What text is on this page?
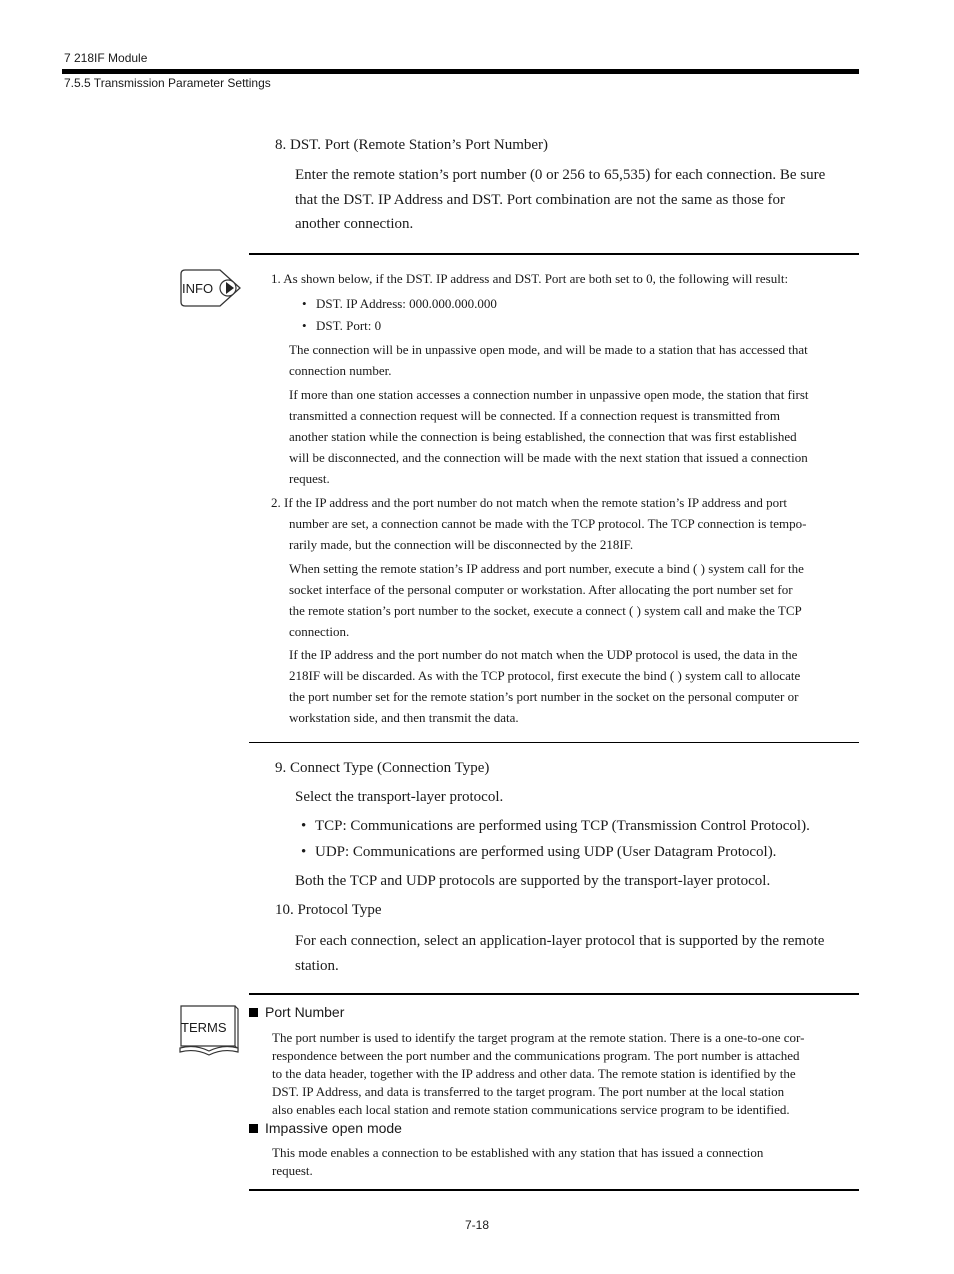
7 218IF Module
7.5.5 Transmission Parameter Settings
8. DST. Port (Remote Station’s Port Number)
Enter the remote station’s port number (0 or 256 to 65,535) for each connection. Be sure
that the DST. IP Address and DST. Port combination are not the same as those for
another connection.
INFO
1. As shown below, if the DST. IP address and DST. Port are both set to 0, the following will result:
• DST. IP Address: 000.000.000.000
• DST. Port: 0
The connection will be in unpassive open mode, and will be made to a station that has accessed that
connection number.
If more than one station accesses a connection number in unpassive open mode, the station that first
transmitted a connection request will be connected. If a connection request is transmitted from
another station while the connection is being established, the connection that was first established
will be disconnected, and the connection will be made with the next station that issued a connection
request.
2. If the IP address and the port number do not match when the remote station’s IP address and port
number are set, a connection cannot be made with the TCP protocol. The TCP connection is tempo-
rarily made, but the connection will be disconnected by the 218IF.
When setting the remote station’s IP address and port number, execute a bind ( ) system call for the
socket interface of the personal computer or workstation. After allocating the port number set for
the remote station’s port number to the socket, execute a connect ( ) system call and make the TCP
connection.
If the IP address and the port number do not match when the UDP protocol is used, the data in the
218IF will be discarded. As with the TCP protocol, first execute the bind ( ) system call to allocate
the port number set for the remote station’s port number in the socket on the personal computer or
workstation side, and then transmit the data.
9. Connect Type (Connection Type)
Select the transport-layer protocol.
• TCP: Communications are performed using TCP (Transmission Control Protocol).
• UDP: Communications are performed using UDP (User Datagram Protocol).
Both the TCP and UDP protocols are supported by the transport-layer protocol.
10. Protocol Type
For each connection, select an application-layer protocol that is supported by the remote
station.
TERMS
Port Number
The port number is used to identify the target program at the remote station. There is a one-to-one cor-
respondence between the port number and the communications program. The port number is attached
to the data header, together with the IP address and other data. The remote station is identified by the
DST. IP Address, and data is transferred to the target program. The port number at the local station
also enables each local station and remote station communications service program to be identified.
Impassive open mode
This mode enables a connection to be established with any station that has issued a connection
request.
7-18
